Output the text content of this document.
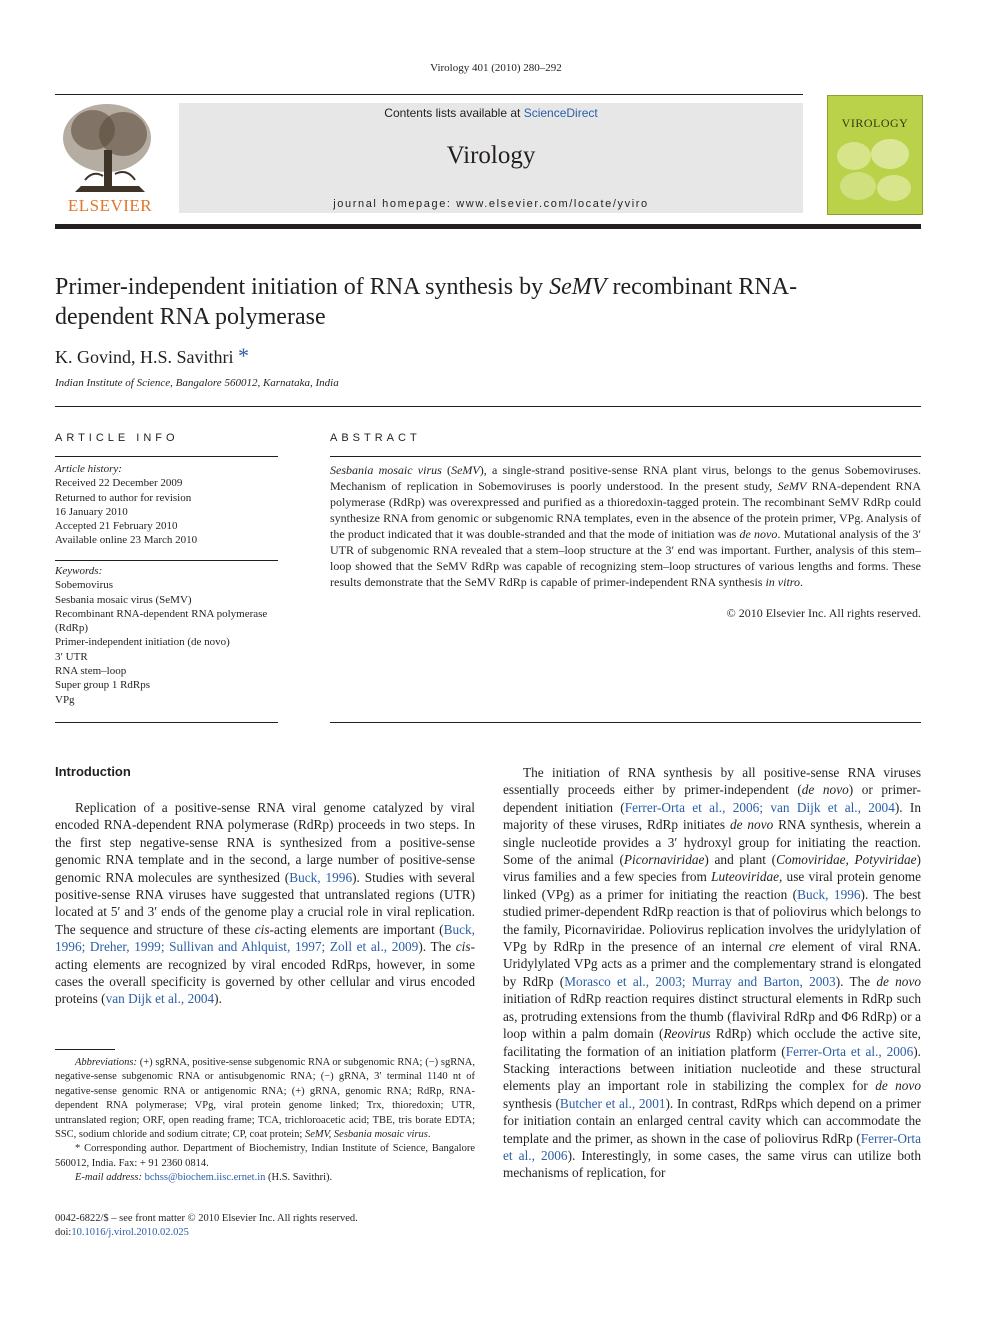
Virology 401 (2010) 280–292
ELSEVIER
Contents lists available at ScienceDirect
Virology
journal homepage: www.elsevier.com/locate/yviro
VIROLOGY
Primer-independent initiation of RNA synthesis by SeMV recombinant RNA-dependent RNA polymerase
K. Govind, H.S. Savithri *
Indian Institute of Science, Bangalore 560012, Karnataka, India
ARTICLE INFO
Article history:
Received 22 December 2009
Returned to author for revision
16 January 2010
Accepted 21 February 2010
Available online 23 March 2010
Keywords:
Sobemovirus
Sesbania mosaic virus (SeMV)
Recombinant RNA-dependent RNA polymerase
(RdRp)
Primer-independent initiation (de novo)
3′ UTR
RNA stem–loop
Super group 1 RdRps
VPg
ABSTRACT
Sesbania mosaic virus (SeMV), a single-strand positive-sense RNA plant virus, belongs to the genus Sobemoviruses. Mechanism of replication in Sobemoviruses is poorly understood. In the present study, SeMV RNA-dependent RNA polymerase (RdRp) was overexpressed and purified as a thioredoxin-tagged protein. The recombinant SeMV RdRp could synthesize RNA from genomic or subgenomic RNA templates, even in the absence of the protein primer, VPg. Analysis of the product indicated that it was double-stranded and that the mode of initiation was de novo. Mutational analysis of the 3′ UTR of subgenomic RNA revealed that a stem–loop structure at the 3′ end was important. Further, analysis of this stem–loop showed that the SeMV RdRp was capable of recognizing stem–loop structures of various lengths and forms. These results demonstrate that the SeMV RdRp is capable of primer-independent RNA synthesis in vitro.
© 2010 Elsevier Inc. All rights reserved.
Introduction

Replication of a positive-sense RNA viral genome catalyzed by viral encoded RNA-dependent RNA polymerase (RdRp) proceeds in two steps. In the first step negative-sense RNA is synthesized from a positive-sense genomic RNA template and in the second, a large number of positive-sense genomic RNA molecules are synthesized (Buck, 1996). Studies with several positive-sense RNA viruses have suggested that untranslated regions (UTR) located at 5′ and 3′ ends of the genome play a crucial role in viral replication. The sequence and structure of these cis-acting elements are important (Buck, 1996; Dreher, 1999; Sullivan and Ahlquist, 1997; Zoll et al., 2009). The cis-acting elements are recognized by viral encoded RdRps, however, in some cases the overall specificity is governed by other cellular and virus encoded proteins (van Dijk et al., 2004).

The initiation of RNA synthesis by all positive-sense RNA viruses essentially proceeds either by primer-independent (de novo) or primer-dependent initiation (Ferrer-Orta et al., 2006; van Dijk et al., 2004). In majority of these viruses, RdRp initiates de novo RNA synthesis, wherein a single nucleotide provides a 3′ hydroxyl group for initiating the reaction. Some of the animal (Picornaviridae) and plant (Comoviridae, Potyviridae) virus families and a few species from Luteoviridae, use viral protein genome linked (VPg) as a primer for initiating the reaction (Buck, 1996). The best studied primer-dependent RdRp reaction is that of poliovirus which belongs to the family, Picornaviridae. Poliovirus replication involves the uridylylation of VPg by RdRp in the presence of an internal cre element of viral RNA. Uridylylated VPg acts as a primer and the complementary strand is elongated by RdRp (Morasco et al., 2003; Murray and Barton, 2003). The de novo initiation of RdRp reaction requires distinct structural elements in RdRp such as, protruding extensions from the thumb (flaviviral RdRp and Φ6 RdRp) or a loop within a palm domain (Reovirus RdRp) which occlude the active site, facilitating the formation of an initiation platform (Ferrer-Orta et al., 2006). Stacking interactions between initiation nucleotide and these structural elements play an important role in stabilizing the complex for de novo synthesis (Butcher et al., 2001). In contrast, RdRps which depend on a primer for initiation contain an enlarged central cavity which can accommodate the template and the primer, as shown in the case of poliovirus RdRp (Ferrer-Orta et al., 2006). Interestingly, in some cases, the same virus can utilize both mechanisms of replication, for

Abbreviations: (+) sgRNA, positive-sense subgenomic RNA or subgenomic RNA; (−) sgRNA, negative-sense subgenomic RNA or antisubgenomic RNA; (−) gRNA, 3′ terminal 1140 nt of negative-sense genomic RNA or antigenomic RNA; (+) gRNA, genomic RNA; RdRp, RNA-dependent RNA polymerase; VPg, viral protein genome linked; Trx, thioredoxin; UTR, untranslated region; ORF, open reading frame; TCA, trichloroacetic acid; TBE, tris borate EDTA; SSC, sodium chloride and sodium citrate; CP, coat protein; SeMV, Sesbania mosaic virus.

* Corresponding author. Department of Biochemistry, Indian Institute of Science, Bangalore 560012, India. Fax: + 91 2360 0814.

E-mail address: bchss@biochem.iisc.ernet.in (H.S. Savithri).

0042-6822/$ – see front matter © 2010 Elsevier Inc. All rights reserved.
doi:10.1016/j.virol.2010.02.025
